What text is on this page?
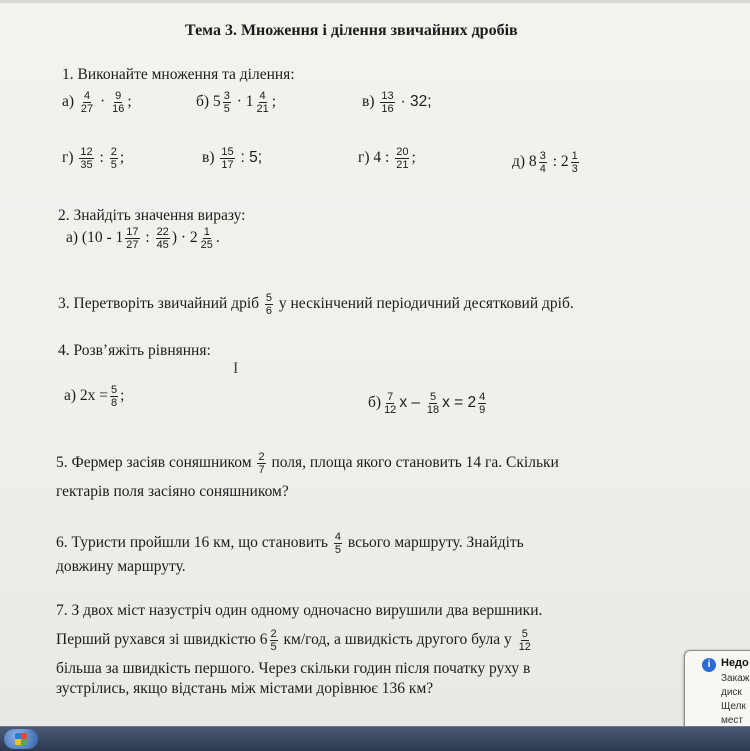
Тема 3. Множення і ділення звичайних дробів
1. Виконайте множення та ділення:
$а) \frac{4}{27} \cdot \frac{9}{16}$ ;	б) $5 \frac{3}{5} \cdot 1 \frac{4}{21}$ ;	$в) \frac{13}{16} \cdot 32$;
$г) \frac{12}{35}$ : $\frac{2}{5}$ ;	$в) \frac{15}{17}$ : 5;	г) 4 : $\frac{20}{21}$ ;	д) $8 \frac{3}{4}$ : $2 \frac{1}{3}$
2. Знайдіть значення виразу:
а) ($10 - 1 \frac{17}{27}$ : $\frac{22}{45}$ ) · $2 \frac{1}{25}$ .
3. Перетворіть звичайний дріб $\frac{5}{6}$ у нескінчений періодичний десятковий дріб.
4. Розв’яжіть рівняння:
I
а) $2x = \frac{5}{8}$ ;	$б) \frac{7}{12}$ x – $\frac{5}{18}$ $x = 2 \frac{4}{9}$
5. Фермер засіяв соняшником $\frac{2}{7}$ поля, площа якого становить 14 га. Скільки
гектарів поля засіяно соняшником?
6. Туристи пройшли 16 км, що становить $\frac{4}{5}$ всього маршруту. Знайдіть
довжину маршруту.
7. З двох міст назустріч один одному одночасно вирушили два вершники.
Перший рухався зі швидкістю $6 \frac{2}{5} км/год$, а швидкість другого була у $\frac{5}{12}$
більша за швидкість першого. Через скільки годин після початку руху в
зустрілись, якщо відстань між містами дорівнює 136 км?
i Недо
Закаж
диск
Щелк
мест
